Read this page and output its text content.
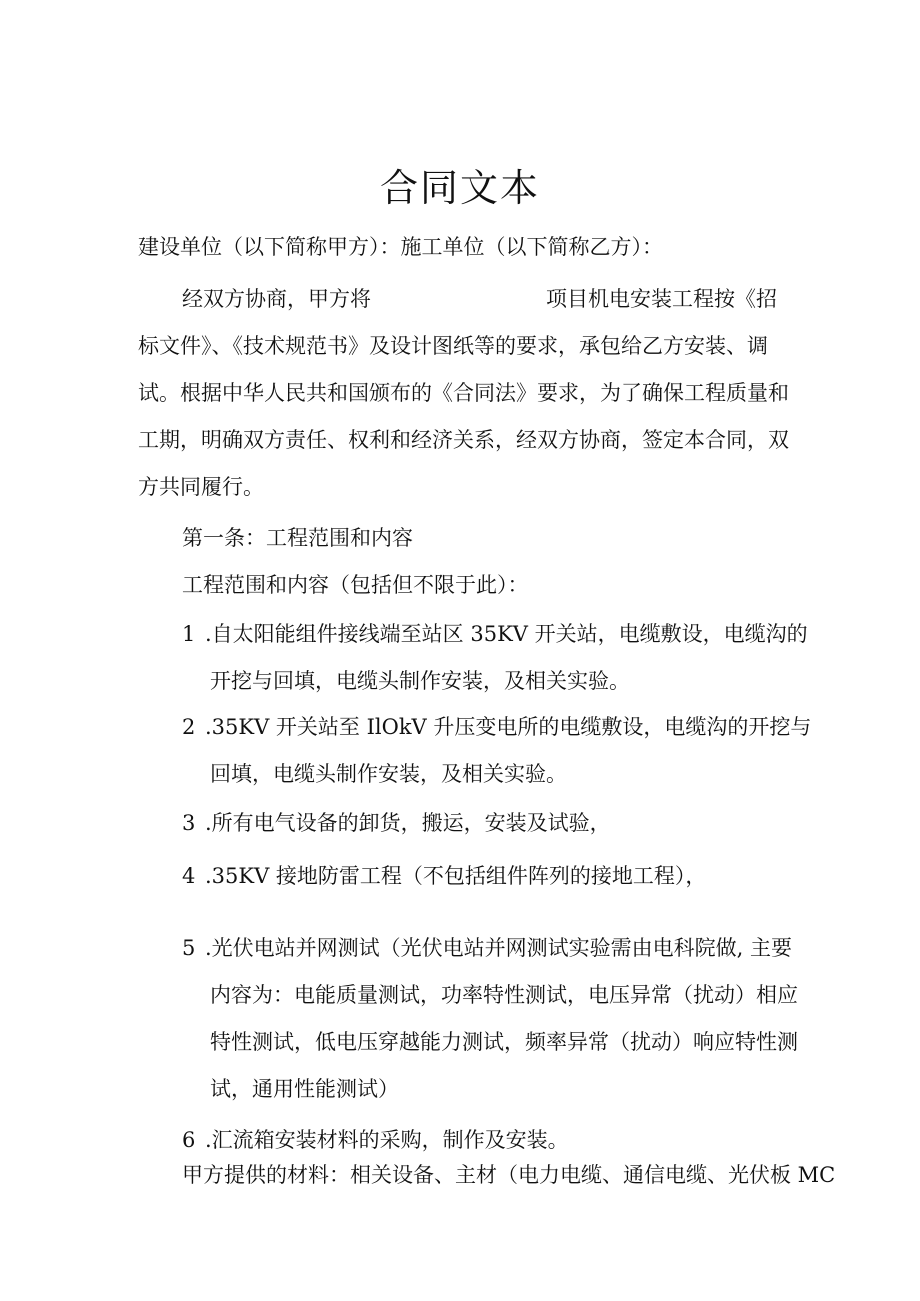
合同文本
建设单位（以下简称甲方）：施工单位（以下简称乙方）：
经双方协商，甲方将	项目机电安装工程按《招
标文件》、《技术规范书》及设计图纸等的要求，承包给乙方安装、调
试。根据中华人民共和国颁布的《合同法》要求，为了确保工程质量和
工期，明确双方责任、权利和经济关系，经双方协商，签定本合同，双
方共同履行。
第一条：工程范围和内容
工程范围和内容（包括但不限于此）：
1 .自太阳能组件接线端至站区 35KV 开关站，电缆敷设，电缆沟的
开挖与回填，电缆头制作安装，及相关实验。
2 .35KV 开关站至 IlOkV 升压变电所的电缆敷设，电缆沟的开挖与
回填，电缆头制作安装，及相关实验。
3 .所有电气设备的卸货，搬运，安装及试验，
4 .35KV 接地防雷工程（不包括组件阵列的接地工程），
5 .光伏电站并网测试（光伏电站并网测试实验需由电科院做, 主要
内容为：电能质量测试，功率特性测试，电压异常（扰动）相应
特性测试，低电压穿越能力测试，频率异常（扰动）响应特性测
试，通用性能测试）
6 .汇流箱安装材料的采购，制作及安装。
甲方提供的材料：相关设备、主材（电力电缆、通信电缆、光伏板 MC
